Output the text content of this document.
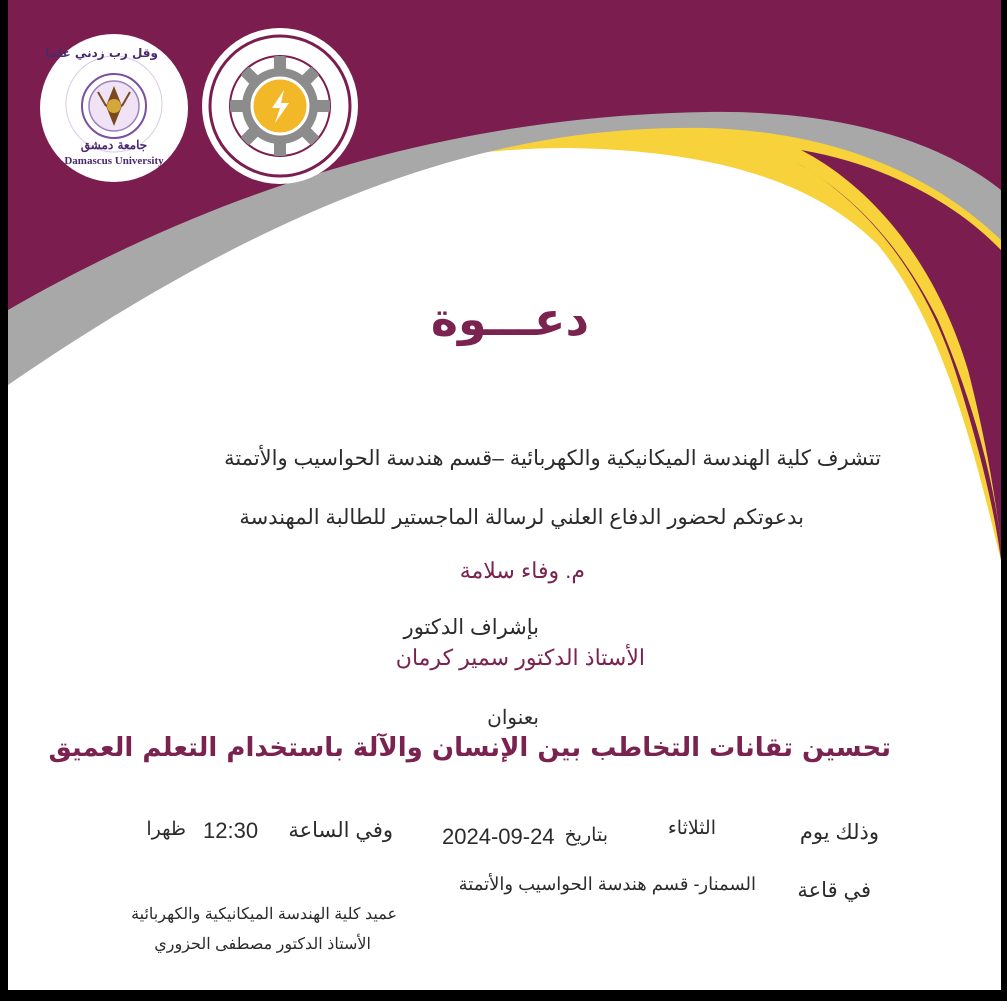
وقل رب زدني علما
جامعة دمشق
Damascus University
دعـــوة
تتشرف كلية الهندسة الميكانيكية والكهربائية –قسم هندسة الحواسيب والأتمتة
بدعوتكم لحضور الدفاع العلني لرسالة الماجستير للطالبة المهندسة
م. وفاء سلامة
بإشراف الدكتور
الأستاذ الدكتور سمير كرمان
بعنوان
تحسين تقانات التخاطب بين الإنسان والآلة باستخدام التعلم العميق
وذلك يوم
الثلاثاء
بتاريخ
2024-09-24
وفي الساعة
12:30
ظهرا
في قاعة
السمنار- قسم هندسة الحواسيب والأتمتة
عميد كلية الهندسة الميكانيكية والكهربائية
الأستاذ الدكتور مصطفى الحزوري
